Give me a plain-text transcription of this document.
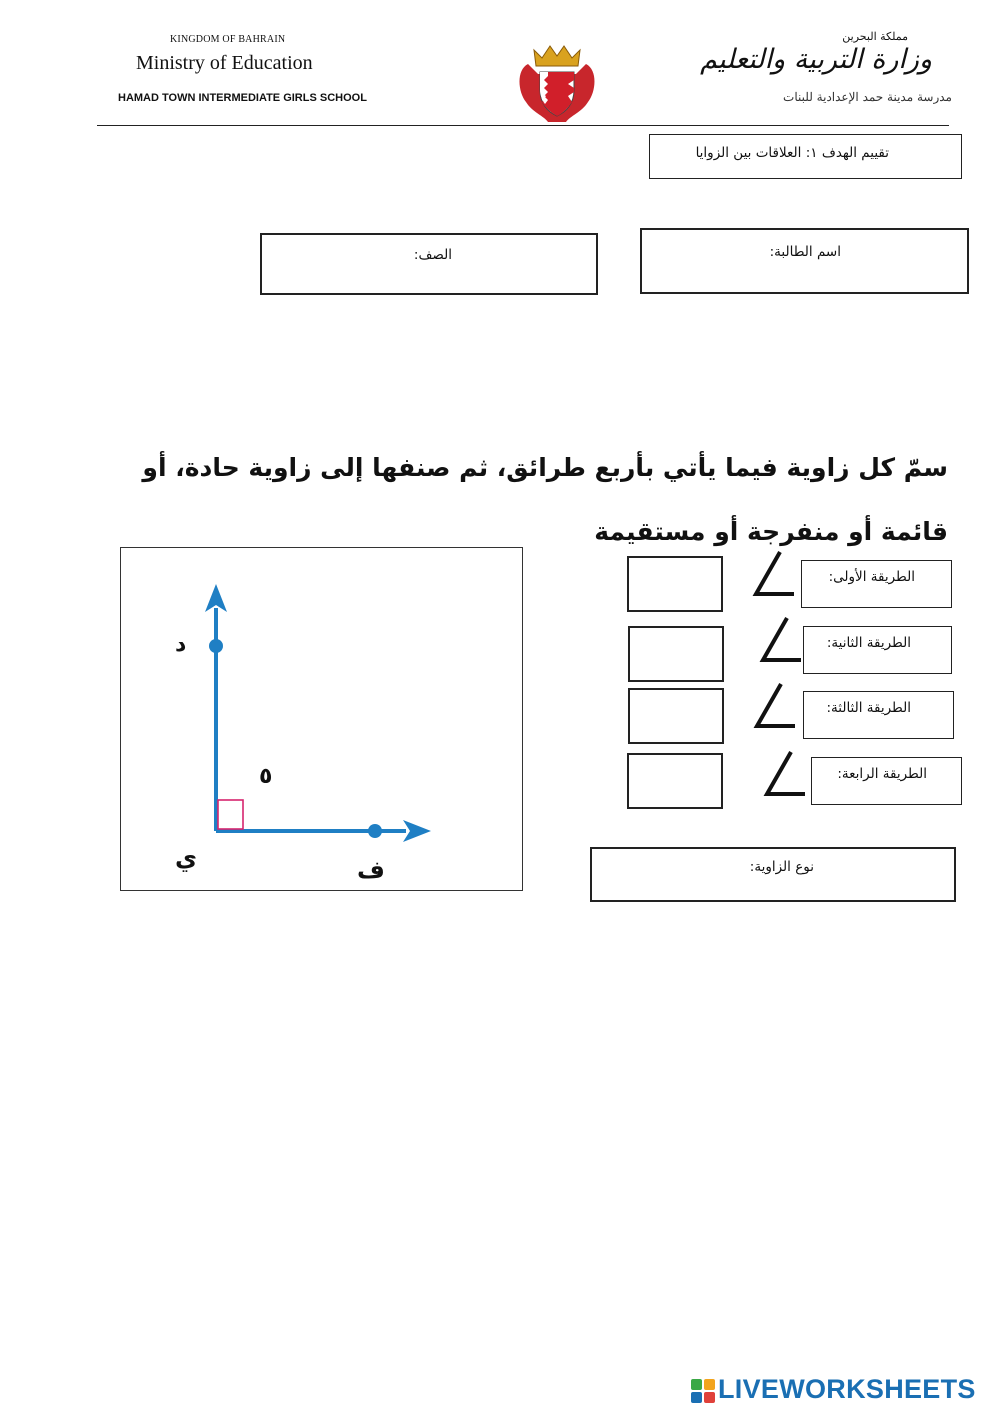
KINGDOM OF BAHRAIN
Ministry of Education
HAMAD TOWN INTERMEDIATE GIRLS SCHOOL
مملكة البحرين
وزارة التربية والتعليم
مدرسة مدينة حمد الإعدادية للبنات
تقييم الهدف ١: العلاقات بين الزوايا
اسم الطالبة:
الصف:
سمّ كل زاوية فيما يأتي بأربع طرائق، ثم صنفها إلى زاوية حادة، أو قائمة أو منفرجة أو مستقيمة
د
٥
ي	ف
الطريقة الأولى:
الطريقة الثانية:
الطريقة الثالثة:
الطريقة الرابعة:
نوع الزاوية:
LIVEWORKSHEETS
